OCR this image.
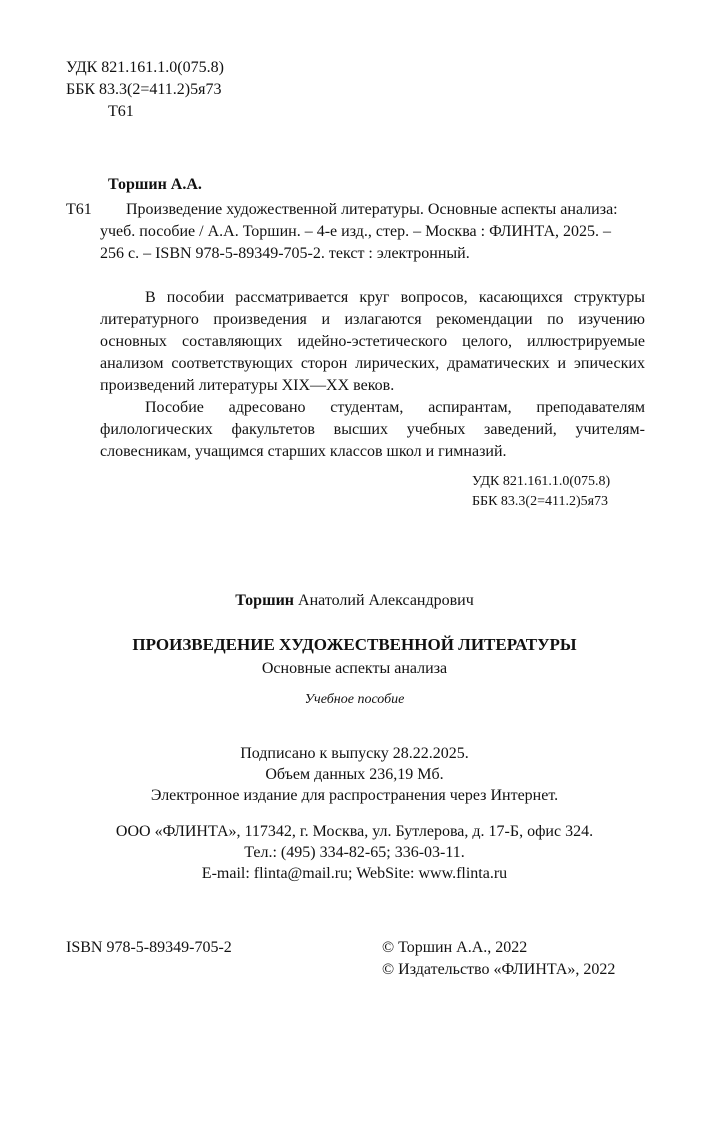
УДК 821.161.1.0(075.8)
ББК 83.3(2=411.2)5я73
Т61
Торшин А.А.
Т61 Произведение художественной литературы. Основные аспекты анализа:
учеб. пособие / А.А. Торшин. – 4-е изд., стер. – Москва : ФЛИНТА, 2025. –
256 с. – ISBN 978-5-89349-705-2. текст : электронный.

В пособии рассматривается круг вопросов, касающихся структуры литературного произведения и излагаются рекомендации по изучению основных составляющих идейно-эстетического целого, иллюстрируемые анализом соответствующих сторон лирических, драматических и эпических произведений литературы XIX—XX веков.

Пособие адресовано студентам, аспирантам, преподавателям филологических факультетов высших учебных заведений, учителям-словесникам, учащимся старших классов школ и гимназий.

УДК 821.161.1.0(075.8)
ББК 83.3(2=411.2)5я73
Торшин Анатолий Александрович
ПРОИЗВЕДЕНИЕ ХУДОЖЕСТВЕННОЙ ЛИТЕРАТУРЫ
Основные аспекты анализа
Учебное пособие
Подписано к выпуску 28.22.2025.
Объем данных 236,19 Мб.
Электронное издание для распространения через Интернет.
ООО «ФЛИНТА», 117342, г. Москва, ул. Бутлерова, д. 17-Б, офис 324.
Тел.: (495) 334-82-65; 336-03-11.
E-mail: flinta@mail.ru; WebSite: www.flinta.ru
ISBN 978-5-89349-705-2	© Торшин А.А., 2022
© Издательство «ФЛИНТА», 2022
